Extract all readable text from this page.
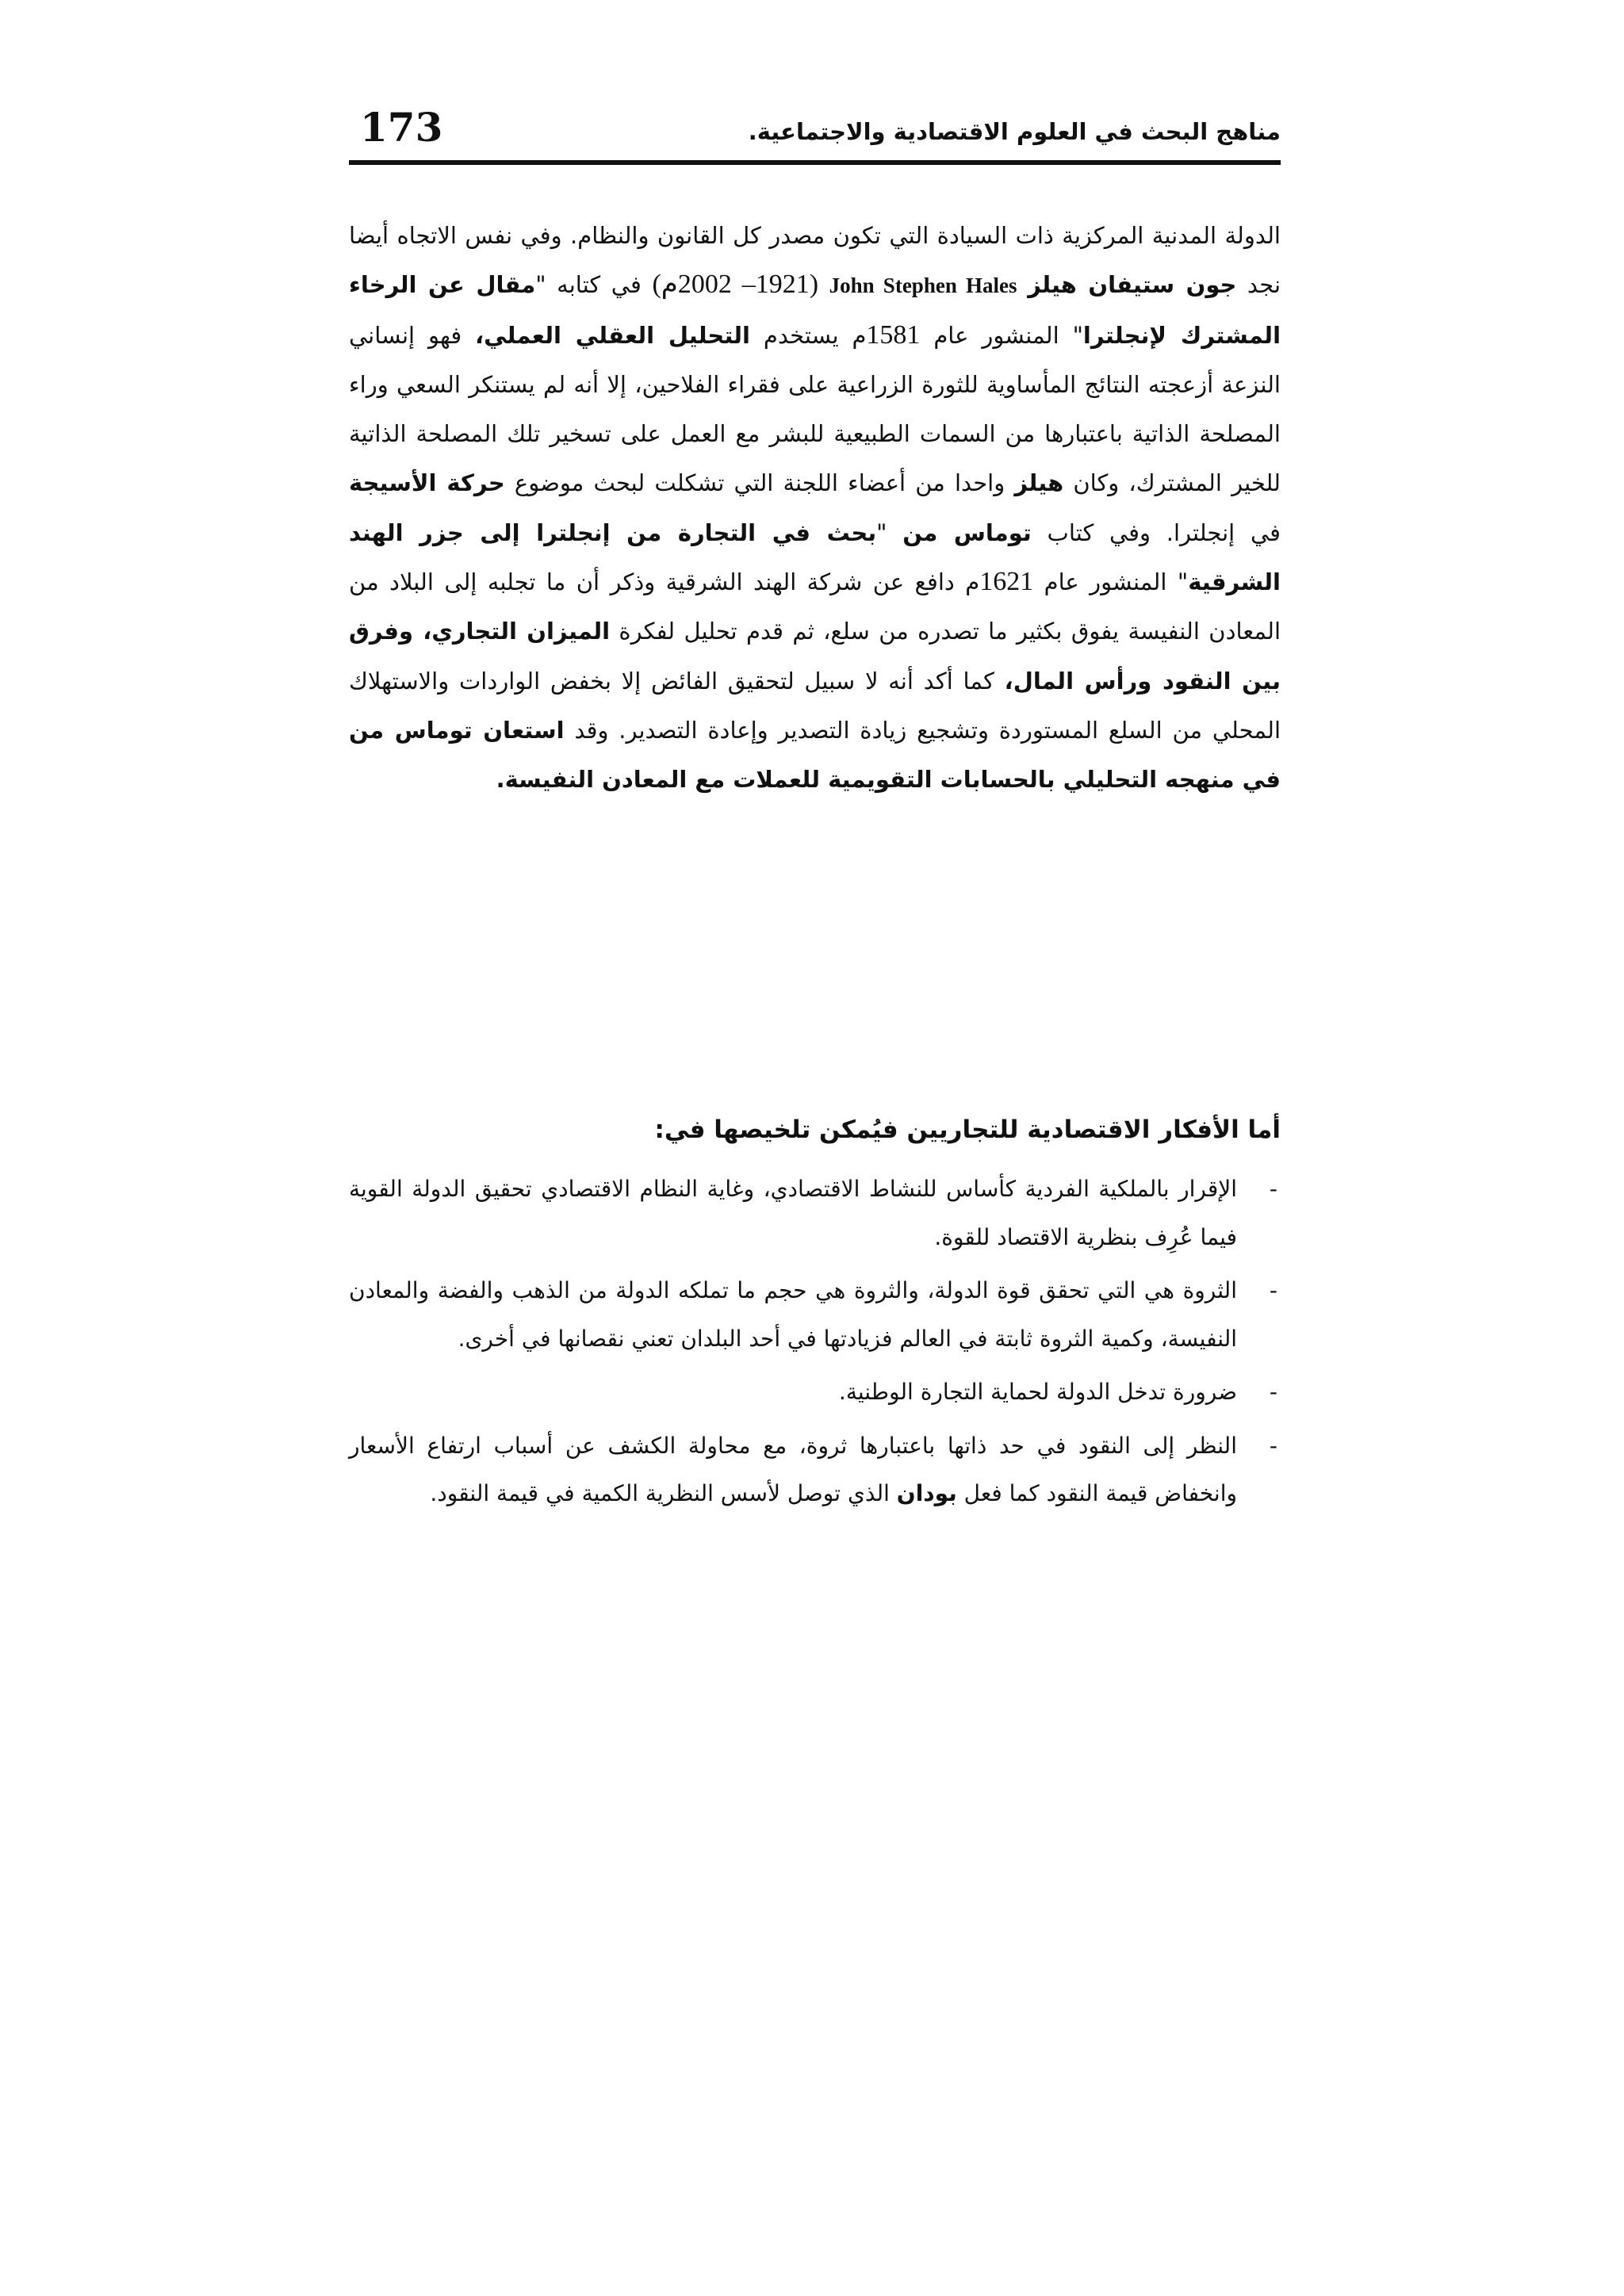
173	مناهج البحث في العلوم الاقتصادية والاجتماعية.

الدولة المدنية المركزية ذات السيادة التي تكون مصدر كل القانون والنظام. وفي نفس الاتجاه أيضا نجد جون ستيفان هيلز John Stephen Hales (1921– 2002م) في كتابه "مقال عن الرخاء المشترك لإنجلترا" المنشور عام 1581م يستخدم التحليل العقلي العملي، فهو إنساني النزعة أزعجته النتائج المأساوية للثورة الزراعية على فقراء الفلاحين، إلا أنه لم يستنكر السعي وراء المصلحة الذاتية باعتبارها من السمات الطبيعية للبشر مع العمل على تسخير تلك المصلحة الذاتية للخير المشترك، وكان هيلز واحدا من أعضاء اللجنة التي تشكلت لبحث موضوع حركة الأسيجة في إنجلترا. وفي كتاب توماس من "بحث في التجارة من إنجلترا إلى جزر الهند الشرقية" المنشور عام 1621م دافع عن شركة الهند الشرقية وذكر أن ما تجلبه إلى البلاد من المعادن النفيسة يفوق بكثير ما تصدره من سلع، ثم قدم تحليل لفكرة الميزان التجاري، وفرق بين النقود ورأس المال، كما أكد أنه لا سبيل لتحقيق الفائض إلا بخفض الواردات والاستهلاك المحلي من السلع المستوردة وتشجيع زيادة التصدير وإعادة التصدير. وقد استعان توماس من في منهجه التحليلي بالحسابات التقويمية للعملات مع المعادن النفيسة.

أما الأفكار الاقتصادية للتجاريين فيُمكن تلخيصها في:
-
الإقرار بالملكية الفردية كأساس للنشاط الاقتصادي، وغاية النظام الاقتصادي تحقيق الدولة القوية فيما عُرِف بنظرية الاقتصاد للقوة.
-
الثروة هي التي تحقق قوة الدولة، والثروة هي حجم ما تملكه الدولة من الذهب والفضة والمعادن النفيسة، وكمية الثروة ثابتة في العالم فزيادتها في أحد البلدان تعني نقصانها في أخرى.
-
ضرورة تدخل الدولة لحماية التجارة الوطنية.
-
النظر إلى النقود في حد ذاتها باعتبارها ثروة، مع محاولة الكشف عن أسباب ارتفاع الأسعار وانخفاض قيمة النقود كما فعل بودان الذي توصل لأسس النظرية الكمية في قيمة النقود.
